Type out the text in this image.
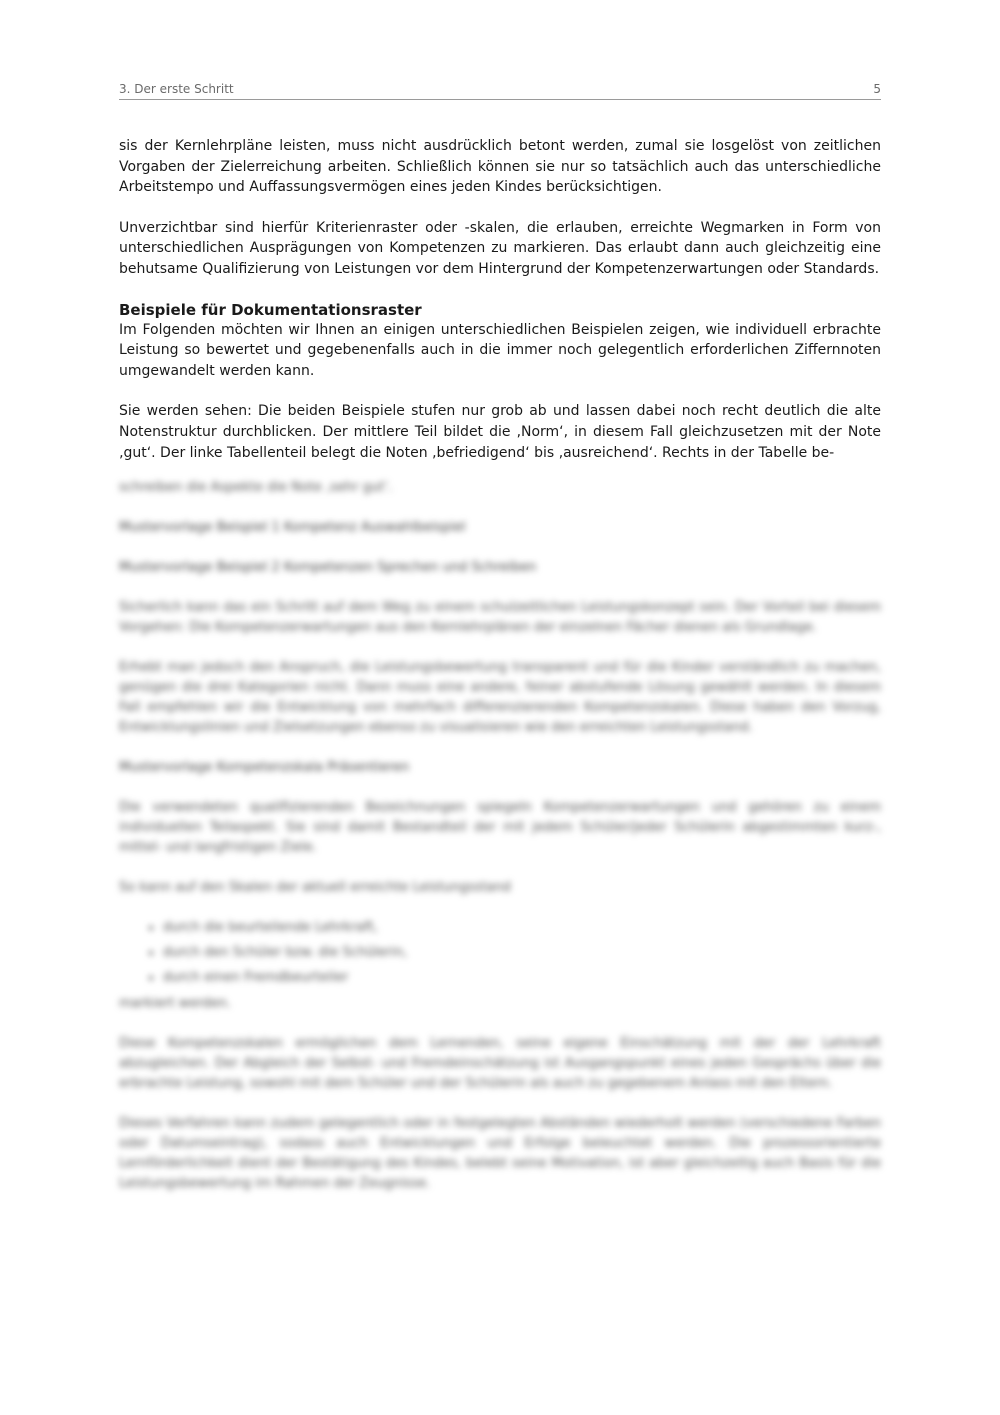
3. Der erste Schritt	5

sis der Kernlehrpläne leisten, muss nicht ausdrücklich betont werden, zumal sie losgelöst von zeitlichen Vorgaben der Zielerreichung arbeiten. Schließlich können sie nur so tatsächlich auch das unterschiedliche Arbeitstempo und Auffassungsvermögen eines jeden Kindes berücksichtigen.

Unverzichtbar sind hierfür Kriterienraster oder -skalen, die erlauben, erreichte Wegmarken in Form von unterschiedlichen Ausprägungen von Kompetenzen zu markieren. Das erlaubt dann auch gleichzeitig eine behutsame Qualifizierung von Leistungen vor dem Hintergrund der Kompetenzerwartungen oder Standards.

Beispiele für Dokumentationsraster

Im Folgenden möchten wir Ihnen an einigen unterschiedlichen Beispielen zeigen, wie individuell erbrachte Leistung so bewertet und gegebenenfalls auch in die immer noch gelegentlich erforderlichen Ziffernnoten umgewandelt werden kann.

Sie werden sehen: Die beiden Beispiele stufen nur grob ab und lassen dabei noch recht deutlich die alte Notenstruktur durchblicken. Der mittlere Teil bildet die ‚Norm‘, in diesem Fall gleichzusetzen mit der Note ‚gut‘. Der linke Tabellenteil belegt die Noten ‚befriedigend‘ bis ‚ausreichend‘. Rechts in der Tabelle be-

schreiben die Aspekte die Note ‚sehr gut‘.

Mustervorlage Beispiel 1 Kompetenz Auswahlbeispiel

Mustervorlage Beispiel 2 Kompetenzen Sprechen und Schreiben

Sicherlich kann das ein Schritt auf dem Weg zu einem schulzeitlichen Leistungskonzept sein. Der Vorteil bei diesem Vorgehen: Die Kompetenzerwartungen aus den Kernlehrplänen der einzelnen Fächer dienen als Grundlage.

Erhebt man jedoch den Anspruch, die Leistungsbewertung transparent und für die Kinder verständlich zu machen, genügen die drei Kategorien nicht. Dann muss eine andere, feiner abstufende Lösung gewählt werden. In diesem Fall empfehlen wir die Entwicklung von mehrfach differenzierenden Kompetenzskalen. Diese haben den Vorzug, Entwicklungslinien und Zielsetzungen ebenso zu visualisieren wie den erreichten Leistungsstand.

Mustervorlage Kompetenzskala Präsentieren

Die verwendeten qualifizierenden Bezeichnungen spiegeln Kompetenzerwartungen und gehören zu einem individuellen Teilaspekt. Sie sind damit Bestandteil der mit jedem Schüler/jeder Schülerin abgestimmten kurz-, mittel- und langfristigen Ziele.

So kann auf den Skalen der aktuell erreichte Leistungsstand

• durch die beurteilende Lehrkraft,
• durch den Schüler bzw. die Schülerin,
• durch einen Fremdbeurteiler

markiert werden.

Diese Kompetenzskalen ermöglichen dem Lernenden, seine eigene Einschätzung mit der der Lehrkraft abzugleichen. Der Abgleich der Selbst- und Fremdeinschätzung ist Ausgangspunkt eines jeden Gesprächs über die erbrachte Leistung, sowohl mit dem Schüler und der Schülerin als auch zu gegebenem Anlass mit den Eltern.

Dieses Verfahren kann zudem gelegentlich oder in festgelegten Abständen wiederholt werden (verschiedene Farben oder Datumseintrag), sodass auch Entwicklungen und Erfolge beleuchtet werden. Die prozessorientierte Lernförderlichkeit dient der Bestätigung des Kindes, belebt seine Motivation, ist aber gleichzeitig auch Basis für die Leistungsbewertung im Rahmen der Zeugnisse.
